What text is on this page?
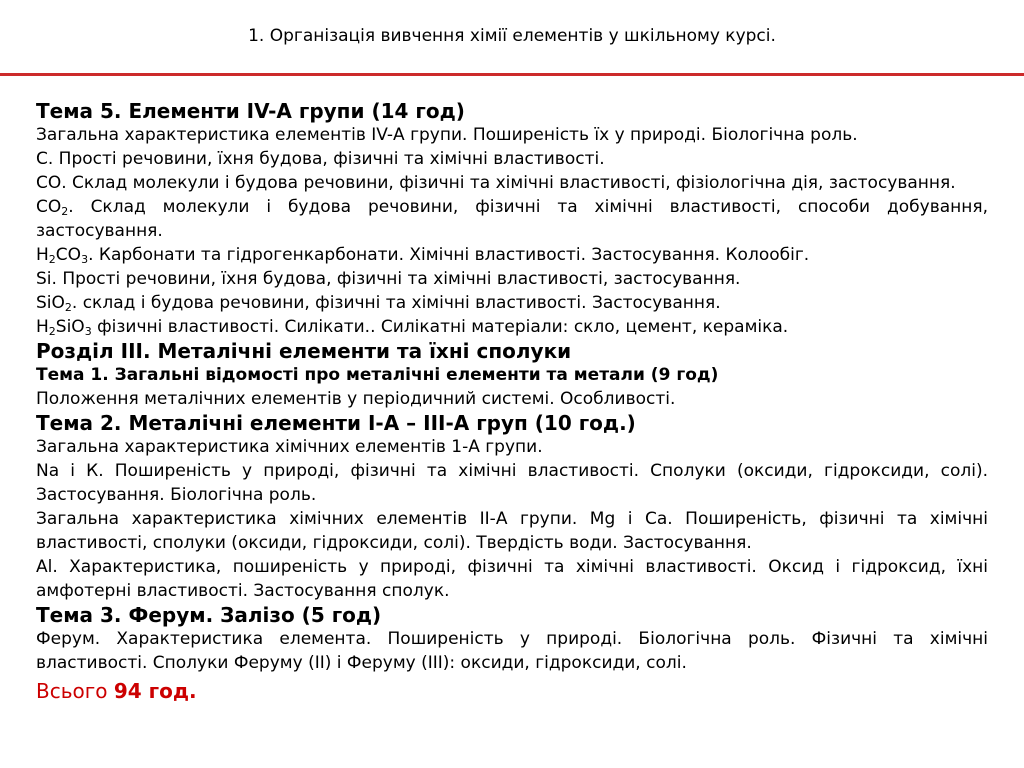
1. Організація вивчення хімії елементів у шкільному курсі.

Тема 5. Елементи IV-А групи (14 год)

Загальна характеристика елементів IV-А групи. Поширеність їх у природі. Біологічна роль.

С. Прості речовини, їхня будова, фізичні та хімічні властивості.

СО. Склад молекули і будова речовини, фізичні та хімічні властивості, фізіологічна дія, застосування.

$СО_2$. Склад молекули і будова речовини, фізичні та хімічні властивості, способи добування, застосування.

$Н_2СО_3$. Карбонати та гідрогенкарбонати. Хімічні властивості. Застосування. Колообіг.

Sі. Прості речовини, їхня будова, фізичні та хімічні властивості, застосування.

SiO$_2$. склад і будова речовини, фізичні та хімічні властивості. Застосування.

$H_2SiO_3$ фізичні властивості. Силікати.. Силікатні матеріали: скло, цемент, кераміка.

Розділ ІІІ. Металічні елементи та їхні сполуки

Тема 1. Загальні відомості про металічні елементи та метали (9 год)

Положення металічних елементів у періодичний системі. Особливості.

Тема 2. Металічні елементи І-А – ІІІ-А груп (10 год.)

Загальна характеристика хімічних елементів 1-А групи.

Na і К. Поширеність у природі, фізичні та хімічні властивості. Сполуки (оксиди, гідроксиди, солі). Застосування. Біологічна роль.

Загальна характеристика хімічних елементів ІІ-А групи. Mg і Са. Поширеність, фізичні та хімічні властивості, сполуки (оксиди, гідроксиди, солі). Твердість води. Застосування.

Аl. Характеристика, поширеність у природі, фізичні та хімічні властивості. Оксид і гідроксид, їхні амфотерні властивості. Застосування сполук.

Тема 3. Ферум. Залізо (5 год)

Ферум. Характеристика елемента. Поширеність у природі. Біологічна роль. Фізичні та хімічні властивості. Сполуки Феруму (ІІ) і Феруму (ІІІ): оксиди, гідроксиди, солі.

Всього 94 год.
